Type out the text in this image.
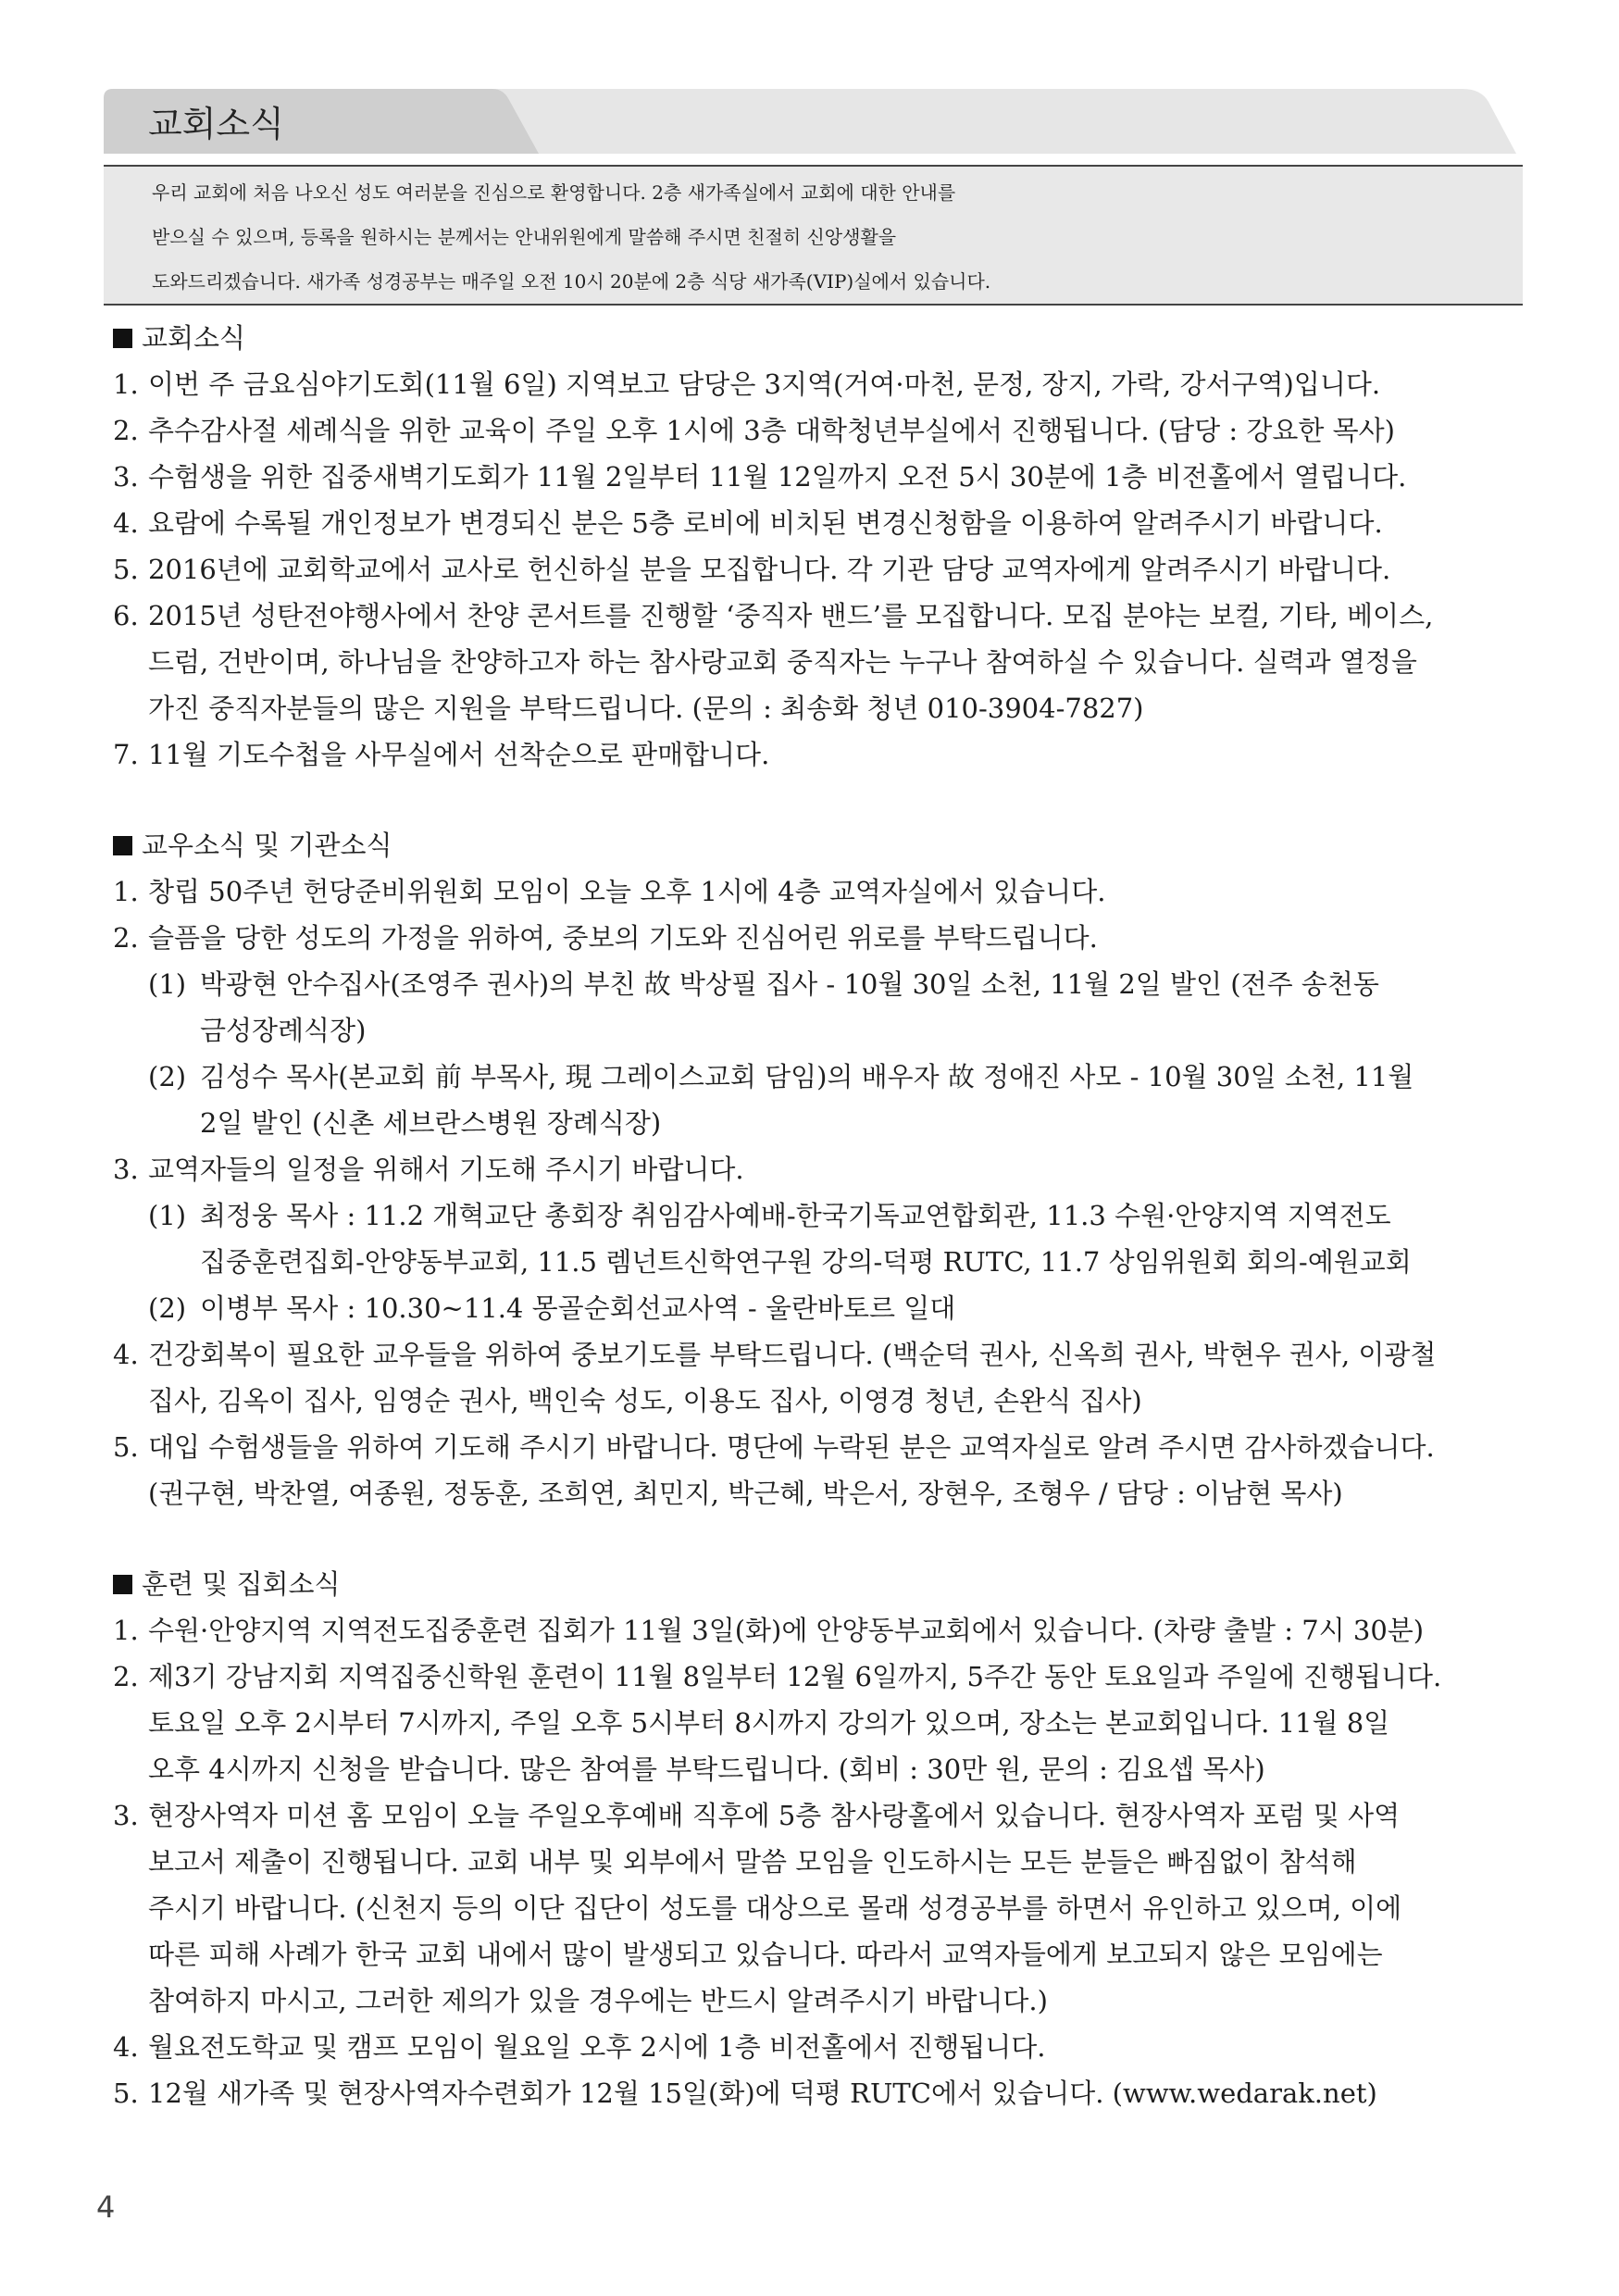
교회소식

우리 교회에 처음 나오신 성도 여러분을 진심으로 환영합니다. 2층 새가족실에서 교회에 대한 안내를

받으실 수 있으며, 등록을 원하시는 분께서는 안내위원에게 말씀해 주시면 친절히 신앙생활을

도와드리겠습니다. 새가족 성경공부는 매주일 오전 10시 20분에 2층 식당 새가족(VIP)실에서 있습니다.

교회소식

1. 이번 주 금요심야기도회(11월 6일) 지역보고 담당은 3지역(거여·마천, 문정, 장지, 가락, 강서구역)입니다.
2. 추수감사절 세례식을 위한 교육이 주일 오후 1시에 3층 대학청년부실에서 진행됩니다. (담당 : 강요한 목사)
3. 수험생을 위한 집중새벽기도회가 11월 2일부터 11월 12일까지 오전 5시 30분에 1층 비전홀에서 열립니다.
4. 요람에 수록될 개인정보가 변경되신 분은 5층 로비에 비치된 변경신청함을 이용하여 알려주시기 바랍니다.
5. 2016년에 교회학교에서 교사로 헌신하실 분을 모집합니다. 각 기관 담당 교역자에게 알려주시기 바랍니다.
6. 2015년 성탄전야행사에서 찬양 콘서트를 진행할 ‘중직자 밴드’를 모집합니다. 모집 분야는 보컬, 기타, 베이스,
드럼, 건반이며, 하나님을 찬양하고자 하는 참사랑교회 중직자는 누구나 참여하실 수 있습니다. 실력과 열정을
가진 중직자분들의 많은 지원을 부탁드립니다. (문의 : 최송화 청년 010-3904-7827)
7. 11월 기도수첩을 사무실에서 선착순으로 판매합니다.

교우소식 및 기관소식

1. 창립 50주년 헌당준비위원회 모임이 오늘 오후 1시에 4층 교역자실에서 있습니다.
2. 슬픔을 당한 성도의 가정을 위하여, 중보의 기도와 진심어린 위로를 부탁드립니다.
(1) 박광현 안수집사(조영주 권사)의 부친 故 박상필 집사 - 10월 30일 소천, 11월 2일 발인 (전주 송천동
금성장례식장)
(2) 김성수 목사(본교회 前 부목사, 現 그레이스교회 담임)의 배우자 故 정애진 사모 - 10월 30일 소천, 11월
2일 발인 (신촌 세브란스병원 장례식장)
3. 교역자들의 일정을 위해서 기도해 주시기 바랍니다.
(1) 최정웅 목사 : 11.2 개혁교단 총회장 취임감사예배-한국기독교연합회관, 11.3 수원·안양지역 지역전도
집중훈련집회-안양동부교회, 11.5 렘넌트신학연구원 강의-덕평 RUTC, 11.7 상임위원회 회의-예원교회
(2) 이병부 목사 : 10.30~11.4 몽골순회선교사역 - 울란바토르 일대
4. 건강회복이 필요한 교우들을 위하여 중보기도를 부탁드립니다. (백순덕 권사, 신옥희 권사, 박현우 권사, 이광철
집사, 김옥이 집사, 임영순 권사, 백인숙 성도, 이용도 집사, 이영경 청년, 손완식 집사)
5. 대입 수험생들을 위하여 기도해 주시기 바랍니다. 명단에 누락된 분은 교역자실로 알려 주시면 감사하겠습니다.
(권구현, 박찬열, 여종원, 정동훈, 조희연, 최민지, 박근혜, 박은서, 장현우, 조형우 / 담당 : 이남현 목사)

훈련 및 집회소식

1. 수원·안양지역 지역전도집중훈련 집회가 11월 3일(화)에 안양동부교회에서 있습니다. (차량 출발 : 7시 30분)
2. 제3기 강남지회 지역집중신학원 훈련이 11월 8일부터 12월 6일까지, 5주간 동안 토요일과 주일에 진행됩니다.
토요일 오후 2시부터 7시까지, 주일 오후 5시부터 8시까지 강의가 있으며, 장소는 본교회입니다. 11월 8일
오후 4시까지 신청을 받습니다. 많은 참여를 부탁드립니다. (회비 : 30만 원, 문의 : 김요셉 목사)
3. 현장사역자 미션 홈 모임이 오늘 주일오후예배 직후에 5층 참사랑홀에서 있습니다. 현장사역자 포럼 및 사역
보고서 제출이 진행됩니다. 교회 내부 및 외부에서 말씀 모임을 인도하시는 모든 분들은 빠짐없이 참석해
주시기 바랍니다. (신천지 등의 이단 집단이 성도를 대상으로 몰래 성경공부를 하면서 유인하고 있으며, 이에
따른 피해 사례가 한국 교회 내에서 많이 발생되고 있습니다. 따라서 교역자들에게 보고되지 않은 모임에는
참여하지 마시고, 그러한 제의가 있을 경우에는 반드시 알려주시기 바랍니다.)
4. 월요전도학교 및 캠프 모임이 월요일 오후 2시에 1층 비전홀에서 진행됩니다.
5. 12월 새가족 및 현장사역자수련회가 12월 15일(화)에 덕평 RUTC에서 있습니다. (www.wedarak.net)
4
